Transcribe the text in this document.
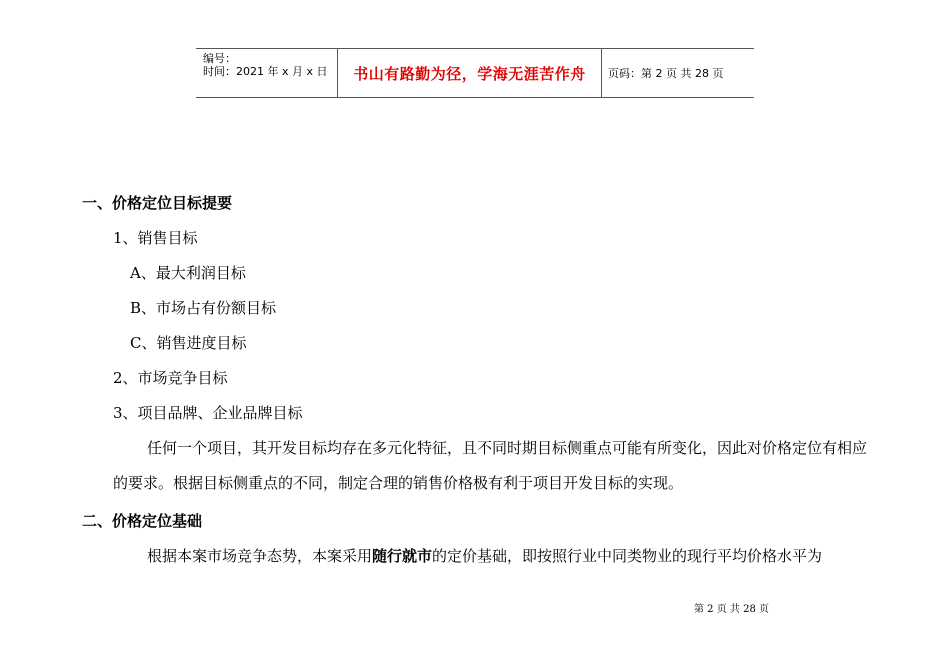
编号：
时间：2021 年 x 月 x 日 书山有路勤为径，学海无涯苦作舟 页码：第 2 页 共 28 页
一、价格定位目标提要
1、销售目标
A、最大利润目标
B、市场占有份额目标
C、销售进度目标
2、市场竞争目标
3、项目品牌、企业品牌目标
任何一个项目，其开发目标均存在多元化特征，且不同时期目标侧重点可能有所变化，因此对价格定位有相应的要求。根据目标侧重点的不同，制定合理的销售价格极有利于项目开发目标的实现。
二、价格定位基础
根据本案市场竞争态势，本案采用随行就市的定价基础，即按照行业中同类物业的现行平均价格水平为
第 2 页 共 28 页
